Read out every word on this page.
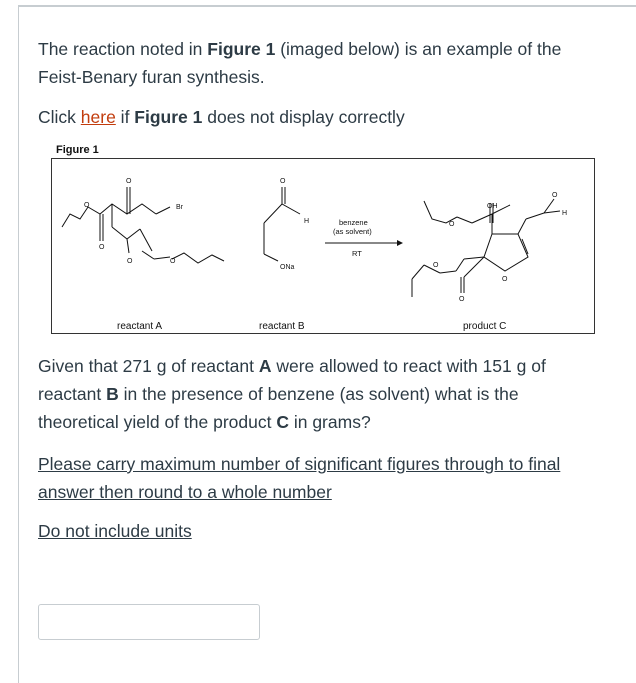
The reaction noted in Figure 1 (imaged below) is an example of the Feist-Benary furan synthesis.

Click here if Figure 1 does not display correctly

Figure 1
O
O
O
O	O
Br
O
H
ONa
benzene
(as solvent)
RT
O
OH
O
H
O
O
O
reactant A	reactant B	product C

Given that 271 g of reactant A were allowed to react with 151 g of reactant B in the presence of benzene (as solvent) what is the theoretical yield of the product C in grams?

Please carry maximum number of significant figures through to final answer then round to a whole number

Do not include units
